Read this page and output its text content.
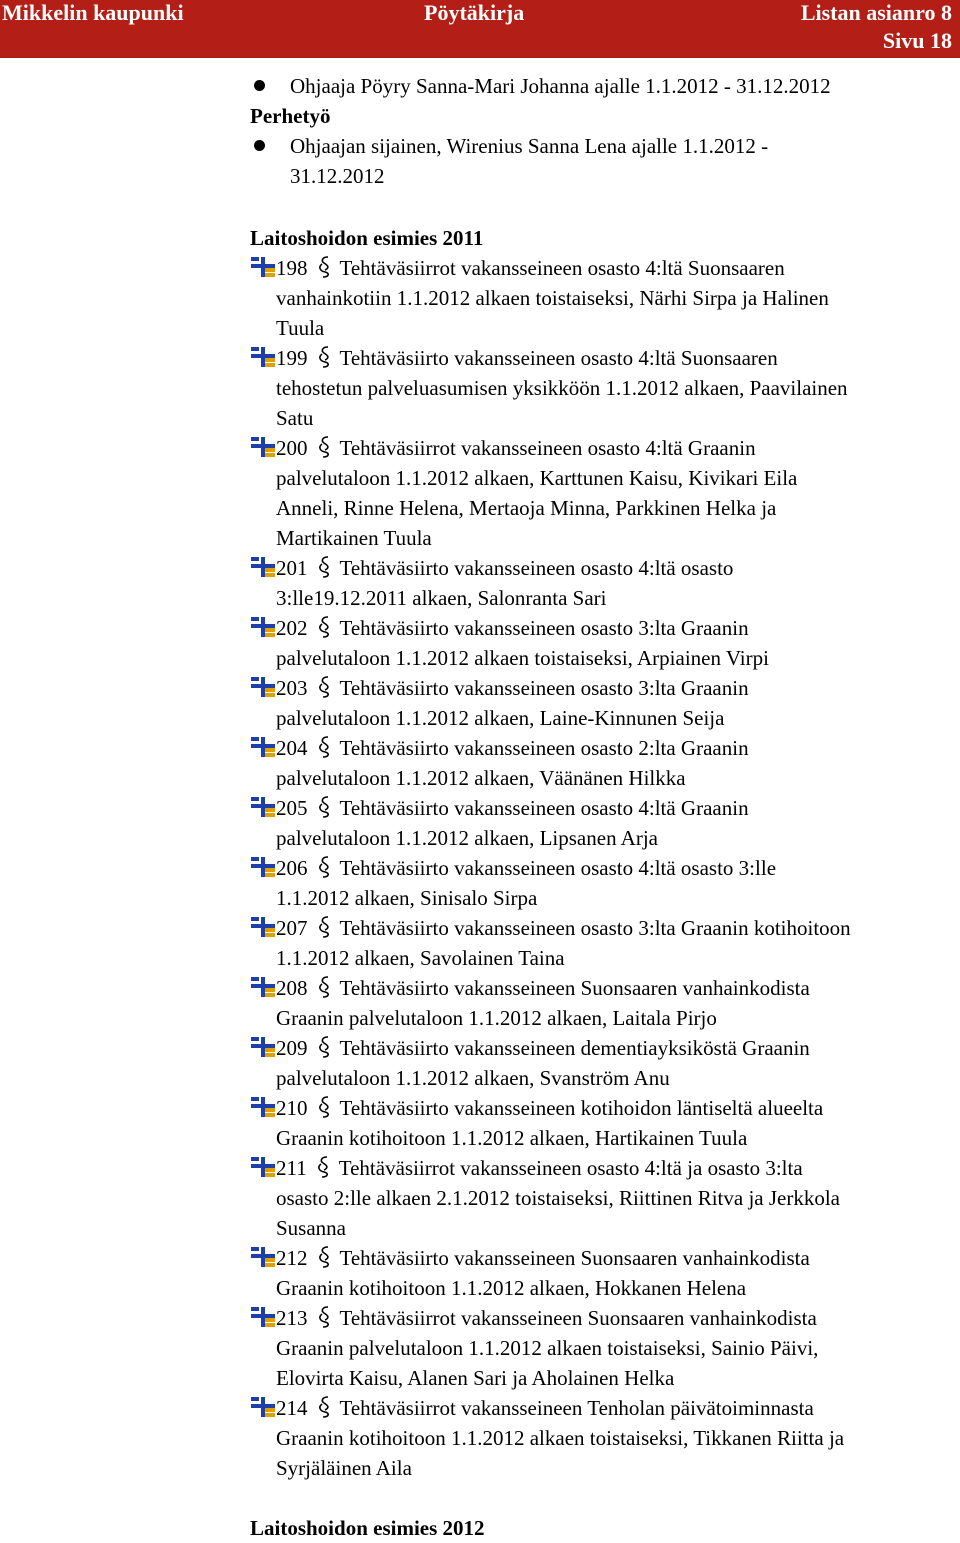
Mikkelin kaupunki	Pöytäkirja	Listan asianro 8
Sivu 18
Ohjaaja Pöyry Sanna-Mari Johanna ajalle 1.1.2012 - 31.12.2012
Perhetyö
Ohjaajan sijainen, Wirenius Sanna Lena ajalle 1.1.2012 -
31.12.2012
Laitoshoidon esimies 2011
198 Tehtäväsiirrot vakansseineen osasto 4:ltä Suonsaaren
vanhainkotiin 1.1.2012 alkaen toistaiseksi, Närhi Sirpa ja Halinen
Tuula
199 Tehtäväsiirto vakansseineen osasto 4:ltä Suonsaaren
tehostetun palveluasumisen yksikköön 1.1.2012 alkaen, Paavilainen
Satu
200 Tehtäväsiirrot vakansseineen osasto 4:ltä Graanin
palvelutaloon 1.1.2012 alkaen, Karttunen Kaisu, Kivikari Eila
Anneli, Rinne Helena, Mertaoja Minna, Parkkinen Helka ja
Martikainen Tuula
201 Tehtäväsiirto vakansseineen osasto 4:ltä osasto
3:lle19.12.2011 alkaen, Salonranta Sari
202 Tehtäväsiirto vakansseineen osasto 3:lta Graanin
palvelutaloon 1.1.2012 alkaen toistaiseksi, Arpiainen Virpi
203 Tehtäväsiirto vakansseineen osasto 3:lta Graanin
palvelutaloon 1.1.2012 alkaen, Laine-Kinnunen Seija
204 Tehtäväsiirto vakansseineen osasto 2:lta Graanin
palvelutaloon 1.1.2012 alkaen, Väänänen Hilkka
205 Tehtäväsiirto vakansseineen osasto 4:ltä Graanin
palvelutaloon 1.1.2012 alkaen, Lipsanen Arja
206 Tehtäväsiirto vakansseineen osasto 4:ltä osasto 3:lle
1.1.2012 alkaen, Sinisalo Sirpa
207 Tehtäväsiirto vakansseineen osasto 3:lta Graanin kotihoitoon
1.1.2012 alkaen, Savolainen Taina
208 Tehtäväsiirto vakansseineen Suonsaaren vanhainkodista
Graanin palvelutaloon 1.1.2012 alkaen, Laitala Pirjo
209 Tehtäväsiirto vakansseineen dementiayksiköstä Graanin
palvelutaloon 1.1.2012 alkaen, Svanström Anu
210 Tehtäväsiirto vakansseineen kotihoidon läntiseltä alueelta
Graanin kotihoitoon 1.1.2012 alkaen, Hartikainen Tuula
211 Tehtäväsiirrot vakansseineen osasto 4:ltä ja osasto 3:lta
osasto 2:lle alkaen 2.1.2012 toistaiseksi, Riittinen Ritva ja Jerkkola
Susanna
212 Tehtäväsiirto vakansseineen Suonsaaren vanhainkodista
Graanin kotihoitoon 1.1.2012 alkaen, Hokkanen Helena
213 Tehtäväsiirrot vakansseineen Suonsaaren vanhainkodista
Graanin palvelutaloon 1.1.2012 alkaen toistaiseksi, Sainio Päivi,
Elovirta Kaisu, Alanen Sari ja Aholainen Helka
214 Tehtäväsiirrot vakansseineen Tenholan päivätoiminnasta
Graanin kotihoitoon 1.1.2012 alkaen toistaiseksi, Tikkanen Riitta ja
Syrjäläinen Aila
Laitoshoidon esimies 2012
